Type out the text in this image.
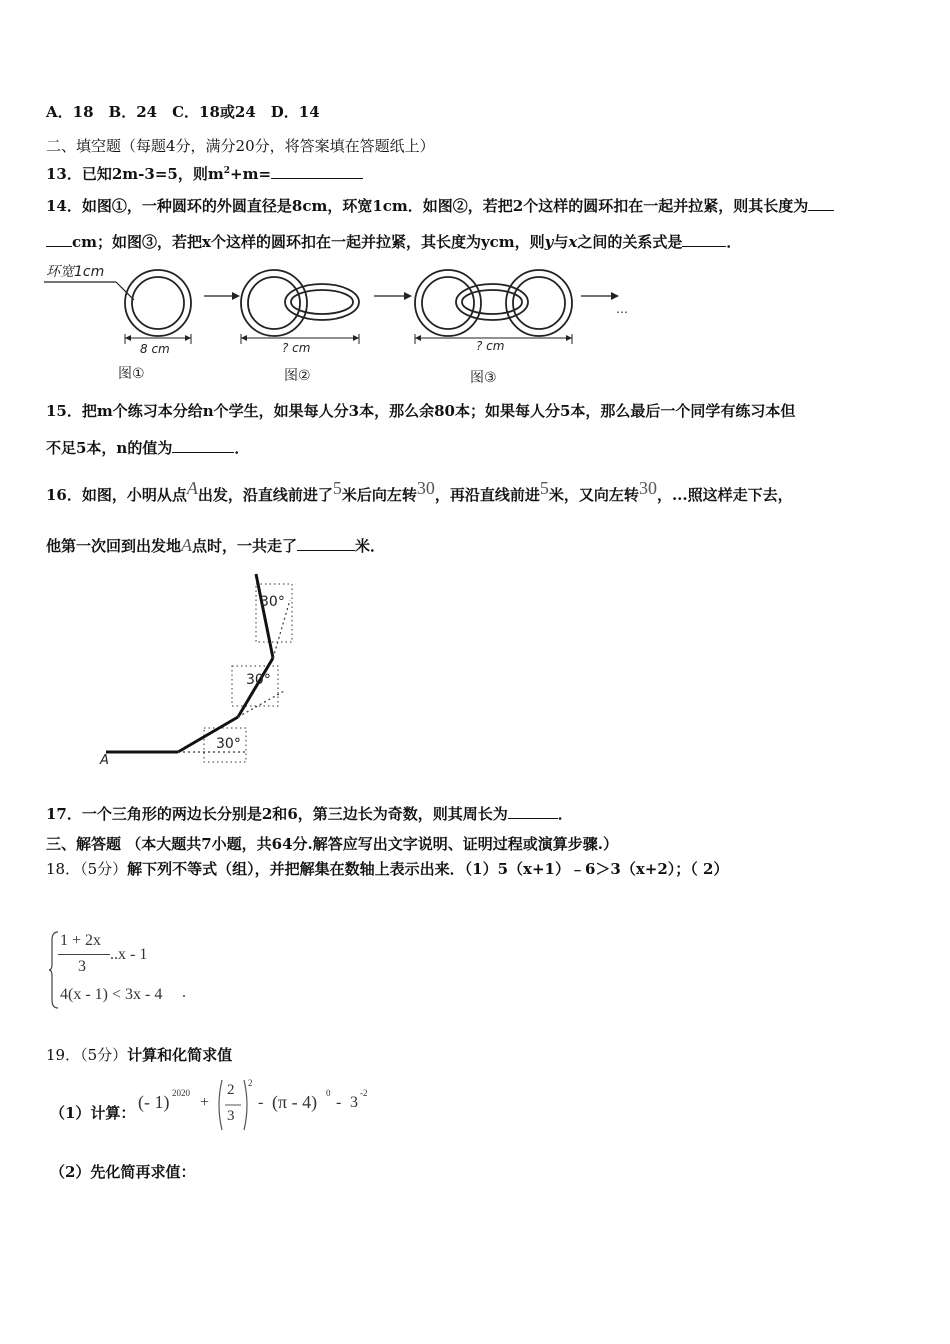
A．18　B．24　C．18或24　D．14
二、填空题（每题4分，满分20分，将答案填在答题纸上）
13．已知2m-3=5，则$m^2+m=$
14．如图①，一种圆环的外圆直径是8cm，环宽1cm．如图②，若把2个这样的圆环扣在一起并拉紧，则其长度为
cm；如图③，若把x个这样的圆环扣在一起并拉紧，其长度为ycm，则y与x之间的关系式是	．
环宽1cm
8 cm
图①
? cm
图②
? cm
图③
…
15．把m个练习本分给n个学生，如果每人分3本，那么余80本；如果每人分5本，那么最后一个同学有练习本但
不足5本，n的值为	．
16．如图，小明从点A出发，沿直线前进了5米后向左转30，再沿直线前进5米，又向左转30，...照这样走下去，
他第一次回到出发地A点时，一共走了	米．
30°
30°
30°
A
17．一个三角形的两边长分别是2和6，第三边长为奇数，则其周长为	．
三、解答题 （本大题共7小题，共64分.解答应写出文字说明、证明过程或演算步骤.）
18．（5分）解下列不等式（组），并把解集在数轴上表示出来．（1）5（x+1）﹣6＞3（x+2）；（ 2）
1 + 2x
3
..x - 1
4(x - 1) < 3x - 4 .
19．（5分）计算和化简求值
（1）计算：
(- 1) 2020
+
2
3
2
- (π - 4) 0
- 3
-2
（2）先化简再求值：
